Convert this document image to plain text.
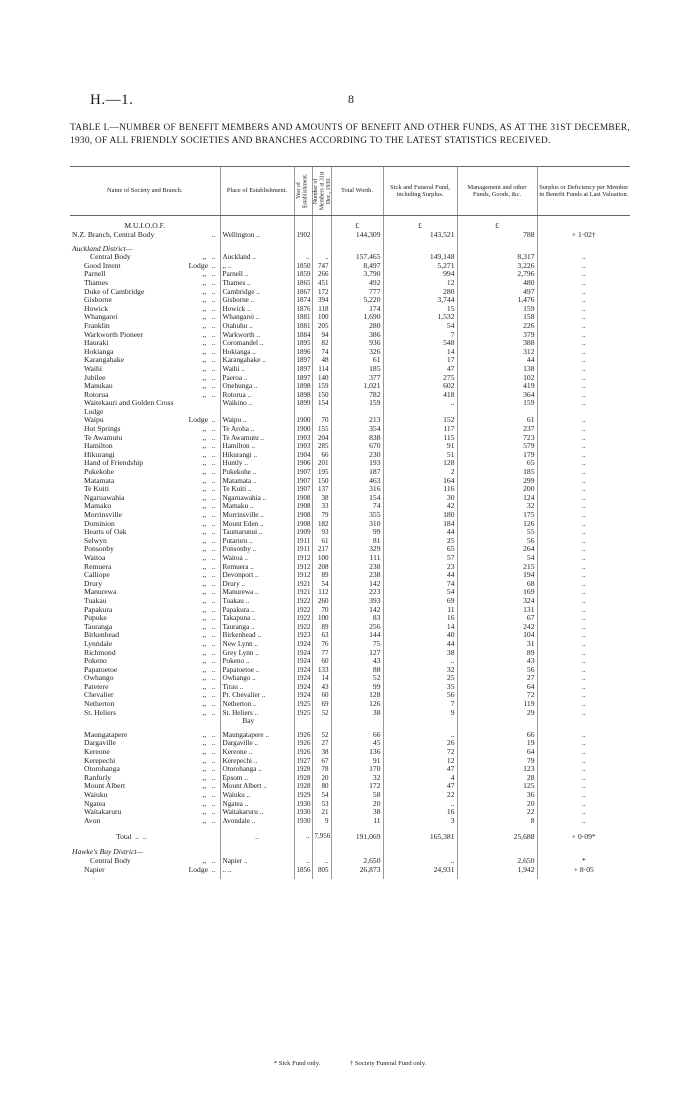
H.—1.	8
TABLE I.—NUMBER OF BENEFIT MEMBERS AND AMOUNTS OF BENEFIT AND OTHER FUNDS, AS AT THE 31ST DECEMBER, 1930, OF ALL FRIENDLY SOCIETIES AND BRANCHES ACCORDING TO THE LATEST STATISTICS RECEIVED.
Name of Society and Branch.	Place of Establishment.	Year of Establishment.	Number of Members at 31st Dec., 1930.	Total Worth.	Sick and Funeral Fund, including Surplus.	Management and other Funds, Goods, &c.	Surplus or Deficiency per Member in Benefit Funds at Last Valuation.

M.U.I.O.O.F.				£	£	£	
N.Z. Branch, Central Body ..	Wellington ..	1902		144,309	143,521	788	+ 1·02†

Auckland District—							
Central Body ,,   ..	Auckland ..	..	..	157,465	149,148	8,317	..
Good Intent Lodge  ..	,, ..	1850	747	8,497	5,271	3,226	..
Parnell ,,   ..	Parnell ..	1859	266	3,790	994	2,796	..
Thames ,,   ..	Thames ..	1865	451	492	12	480	..
Duke of Cambridge ,,   ..	Cambridge ..	1867	172	777	280	497	..
Gisborne ,,   ..	Gisborne ..	1874	394	5,220	3,744	1,476	..
Howick ,,   ..	Howick ..	1876	118	174	15	159	..
Whangarei ,,   ..	Whangarei ..	1881	100	1,690	1,532	158	..
Franklin ,,   ..	Otahuhu ..	1881	205	280	54	226	..
Warkworth Pioneer ,,   ..	Warkworth ..	1884	94	386	7	379	..
Hauraki ,,   ..	Coromandel ..	1895	82	936	548	388	..
Hokianga ,,   ..	Hokianga ..	1896	74	326	14	312	..
Karangahake ,,   ..	Karangahake ..	1897	48	61	17	44	..
Waihi ,,   ..	Waihi ..	1897	114	185	47	138	..
Jubilee ,,   ..	Paeroa ..	1897	140	377	275	102	..
Manukau ,,   ..	Onehunga ..	1898	159	1,021	602	419	..
Rotorua ,,   ..	Rotorua ..	1898	150	782	418	364	..
Waitekauri and Golden Cross	Waikino ..	1899	154	159	..	159	..
Lodge							
Waipu Lodge  ..	Waipu ..	1900	70	213	152	61	..
Hot Springs ,,   ..	Te Aroha ..	1900	155	354	117	237	..
Te Awamutu ,,   ..	Te Awamutu ..	1903	204	838	115	723	..
Hamilton ,,   ..	Hamilton ..	1903	285	670	91	579	..
Hikurangi ,,   ..	Hikurangi ..	1904	66	230	51	179	..
Hand of Friendship ,,   ..	Huntly ..	1906	201	193	128	65	..
Pukekohe ,,   ..	Pukekohe ..	1907	195	187	2	185	..
Matamata ,,   ..	Matamata ..	1907	150	463	164	299	..
Te Kuiti ,,   ..	Te Kuiti ..	1907	137	316	116	200	..
Ngaruawahia ,,   ..	Ngaruawahia ..	1908	38	154	30	124	..
Mamaku ,,   ..	Mamaku ..	1908	33	74	42	32	..
Morrinsville ,,   ..	Morrinsville ..	1908	79	355	180	175	..
Dominion ,,   ..	Mount Eden ..	1908	182	310	184	126	..
Hearts of Oak ,,   ..	Taumarunui ..	1909	93	99	44	55	..
Selwyn ,,   ..	Putaruru ..	1911	61	81	25	56	..
Ponsonby ,,   ..	Ponsonby ..	1911	217	329	65	264	..
Waitoa ,,   ..	Waitoa ..	1912	100	111	57	54	..
Remuera ,,   ..	Remuera ..	1912	208	238	23	215	..
Calliope ,,   ..	Devonport ..	1912	89	238	44	194	..
Drury ,,   ..	Drury ..	1921	54	142	74	68	..
Manurewa ,,   ..	Manurewa ..	1921	112	223	54	169	..
Tuakau ,,   ..	Tuakau ..	1922	260	393	69	324	..
Papakura ,,   ..	Papakura ..	1922	70	142	11	131	..
Pupuke ,,   ..	Takapuna ..	1922	100	83	16	67	..
Tauranga ,,   ..	Tauranga ..	1922	89	256	14	242	..
Birkenhead ,,   ..	Birkenhead ..	1923	63	144	40	104	..
Lynndale ,,   ..	New Lynn ..	1924	76	75	44	31	..
Richmond ,,   ..	Grey Lynn ..	1924	77	127	38	89	..
Pokeno ,,   ..	Pokeno ..	1924	60	43	..	43	..
Papatoetoe ,,   ..	Papatoetoe ..	1924	133	88	32	56	..
Owhango ,,   ..	Owhango ..	1924	14	52	25	27	..
Patetere ,,   ..	Tirau ..	1924	43	99	35	64	..
Chevalier ,,   ..	Pt. Chevalier ..	1924	60	128	56	72	..
Netherton ,,   ..	Netherton ..	1925	69	126	7	119	..
St. Heliers ,,   ..	St. Heliers ..	1925	52	38	9	29	..
	Bay						

Maungatapere ,,   ..	Maungatapere ..	1926	52	66	..	66	..
Dargaville ,,   ..	Dargaville ..	1926	27	45	26	19	..
Kereone ,,   ..	Kereone ..	1926	38	136	72	64	..
Kerepechi ,,   ..	Kerepechi ..	1927	67	91	12	79	..
Otorohanga ,,   ..	Otorohanga ..	1928	78	170	47	123	..
Ranfurly ,,   ..	Epsom ..	1928	20	32	4	28	..
Mount Albert ,,   ..	Mount Albert ..	1928	80	172	47	125	..
Waiuku ,,   ..	Waiuku ..	1929	54	58	22	36	..
Ngatea ,,   ..	Ngatea ..	1930	53	20	..	20	..
Waitakaruru ,,   ..	Waitakaruru ..	1930	21	38	16	22	..
Avon ,,   ..	Avondale ..	1930	9	11	3	8	..

Total  ..  ..	..	..	7,956	191,069	165,381	25,688	+ 0·09*

Hawke's Bay District—							
Central Body ,,   ..	Napier ..	..	..	2,650	..	2,650	*
Napier Lodge  ..	.. ..	1856	805	26,873	24,931	1,942	+ 8·05

* Sick Fund only.	† Society Funeral Fund only.
